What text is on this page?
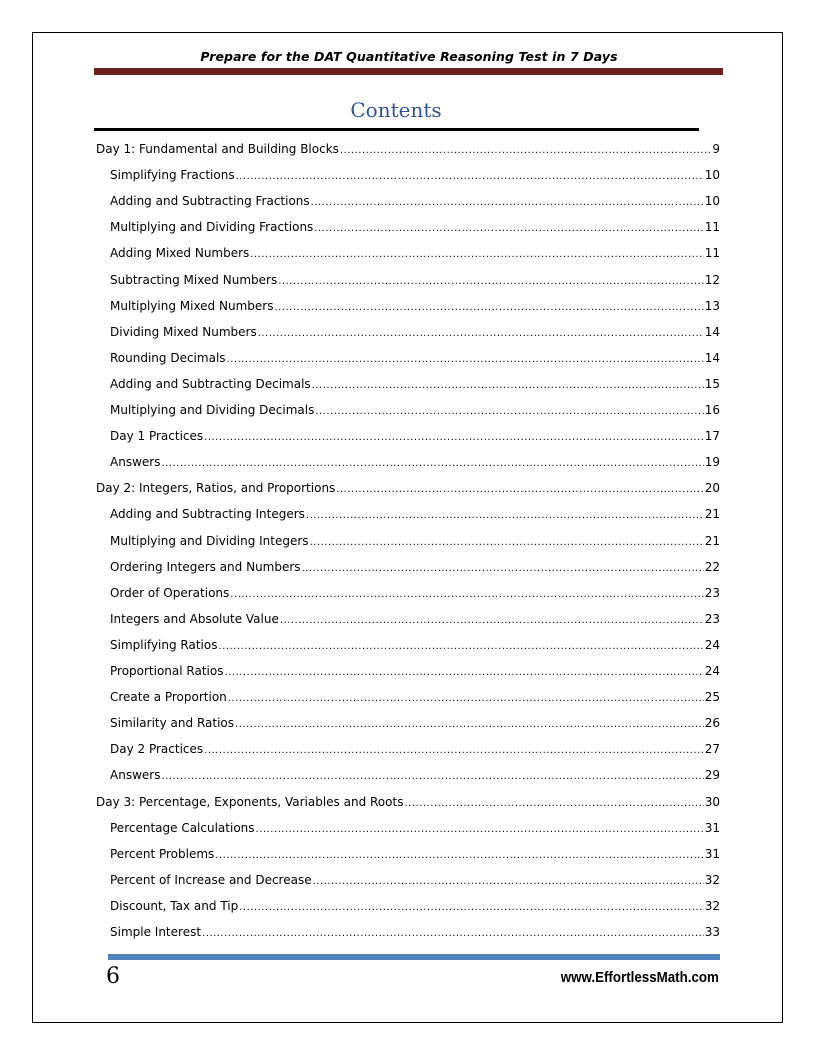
Prepare for the DAT Quantitative Reasoning Test in 7 Days
Contents
Day 1: Fundamental and Building Blocks .....	9
Simplifying Fractions .....	10
Adding and Subtracting Fractions .....	10
Multiplying and Dividing Fractions .....	11
Adding Mixed Numbers .....	11
Subtracting Mixed Numbers .....	12
Multiplying Mixed Numbers .....	13
Dividing Mixed Numbers .....	14
Rounding Decimals .....	14
Adding and Subtracting Decimals .....	15
Multiplying and Dividing Decimals .....	16
Day 1 Practices .....	17
Answers .....	19
Day 2: Integers, Ratios, and Proportions .....	20
Adding and Subtracting Integers .....	21
Multiplying and Dividing Integers .....	21
Ordering Integers and Numbers .....	22
Order of Operations .....	23
Integers and Absolute Value .....	23
Simplifying Ratios .....	24
Proportional Ratios .....	24
Create a Proportion .....	25
Similarity and Ratios .....	26
Day 2 Practices .....	27
Answers .....	29
Day 3: Percentage, Exponents, Variables and Roots .....	30
Percentage Calculations .....	31
Percent Problems .....	31
Percent of Increase and Decrease .....	32
Discount, Tax and Tip .....	32
Simple Interest .....	33
6	www.EffortlessMath.com
